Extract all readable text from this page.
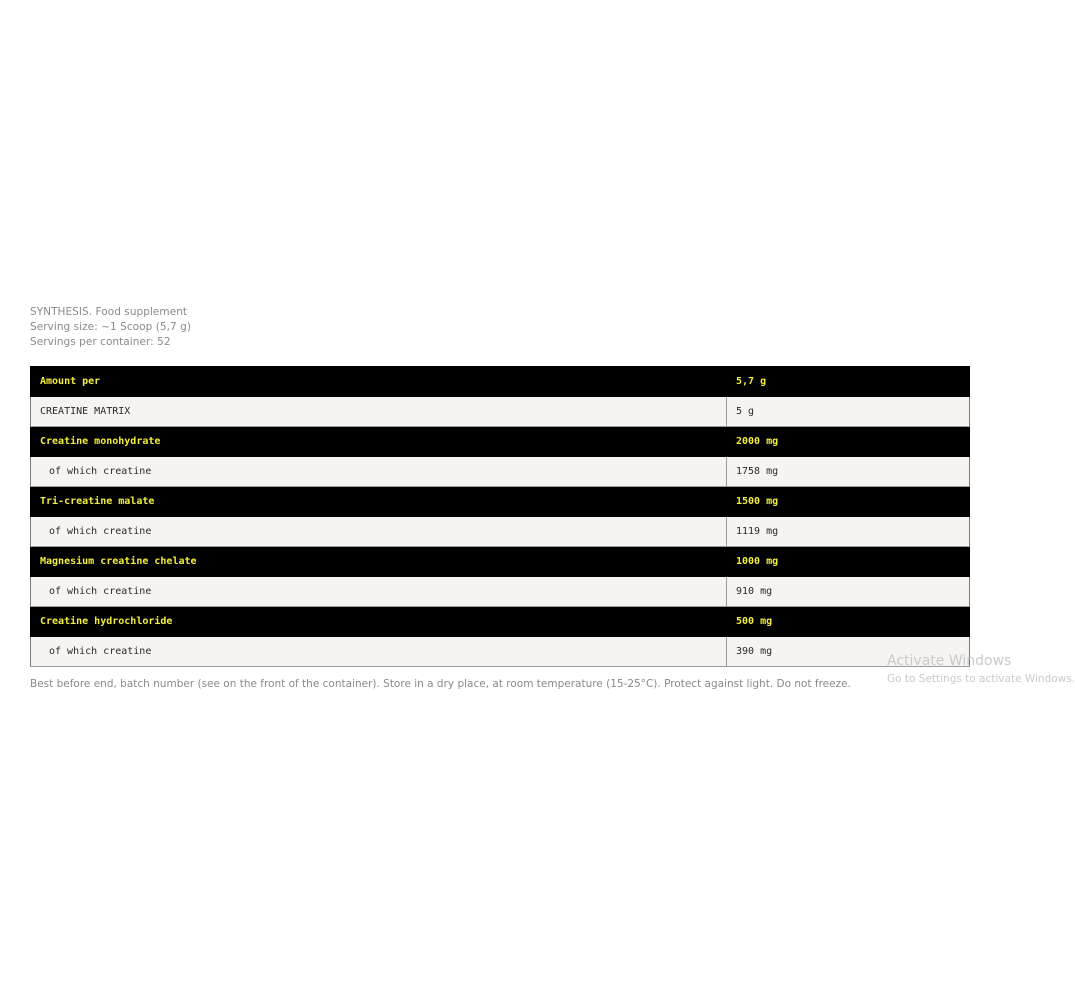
SYNTHESIS. Food supplement
Serving size: ~1 Scoop (5,7 g)
Servings per container: 52
Amount per	5,7 g
CREATINE MATRIX	5 g
Creatine monohydrate	2000 mg
of which creatine	1758 mg
Tri-creatine malate	1500 mg
of which creatine	1119 mg
Magnesium creatine chelate	1000 mg
of which creatine	910 mg
Creatine hydrochloride	500 mg
of which creatine	390 mg
Best before end, batch number (see on the front of the container). Store in a dry place, at room temperature (15-25°C). Protect against light. Do not freeze.
Activate Windows
Go to Settings to activate Windows.
